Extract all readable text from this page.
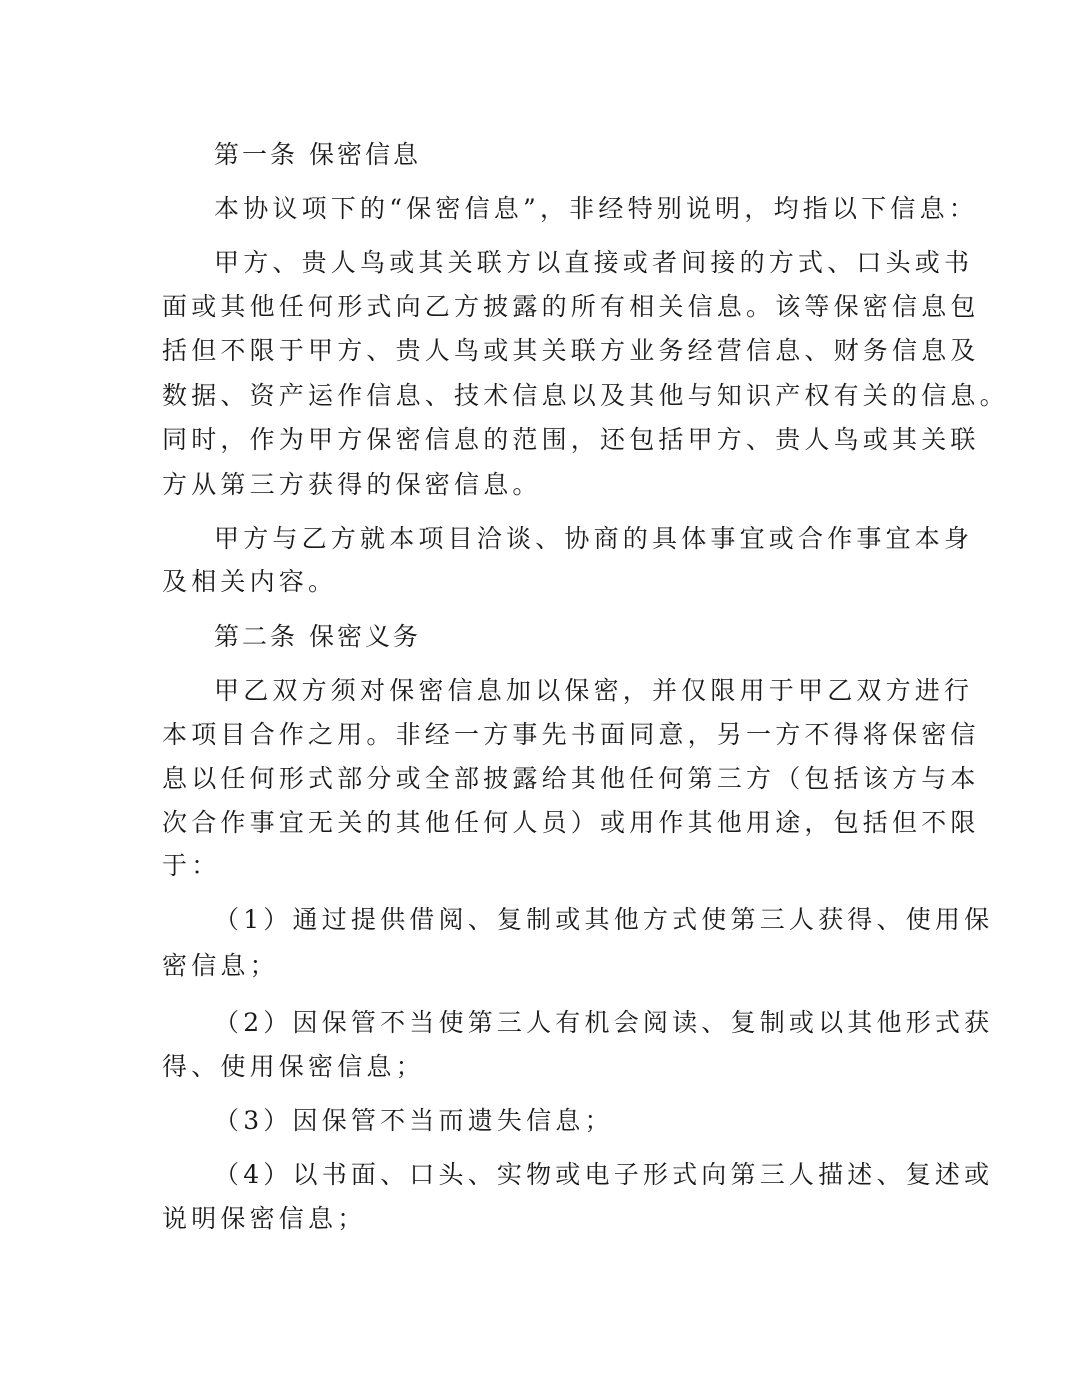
第一条 保密信息
本协议项下的“保密信息”，非经特别说明，均指以下信息：
甲方、贵人鸟或其关联方以直接或者间接的方式、口头或书
面或其他任何形式向乙方披露的所有相关信息。该等保密信息包
括但不限于甲方、贵人鸟或其关联方业务经营信息、财务信息及
数据、资产运作信息、技术信息以及其他与知识产权有关的信息。
同时，作为甲方保密信息的范围，还包括甲方、贵人鸟或其关联
方从第三方获得的保密信息。
甲方与乙方就本项目洽谈、协商的具体事宜或合作事宜本身
及相关内容。
第二条 保密义务
甲乙双方须对保密信息加以保密，并仅限用于甲乙双方进行
本项目合作之用。非经一方事先书面同意，另一方不得将保密信
息以任何形式部分或全部披露给其他任何第三方（包括该方与本
次合作事宜无关的其他任何人员）或用作其他用途，包括但不限
于：
（1）通过提供借阅、复制或其他方式使第三人获得、使用保
密信息；
（2）因保管不当使第三人有机会阅读、复制或以其他形式获
得、使用保密信息；
（3）因保管不当而遗失信息；
（4）以书面、口头、实物或电子形式向第三人描述、复述或
说明保密信息；
